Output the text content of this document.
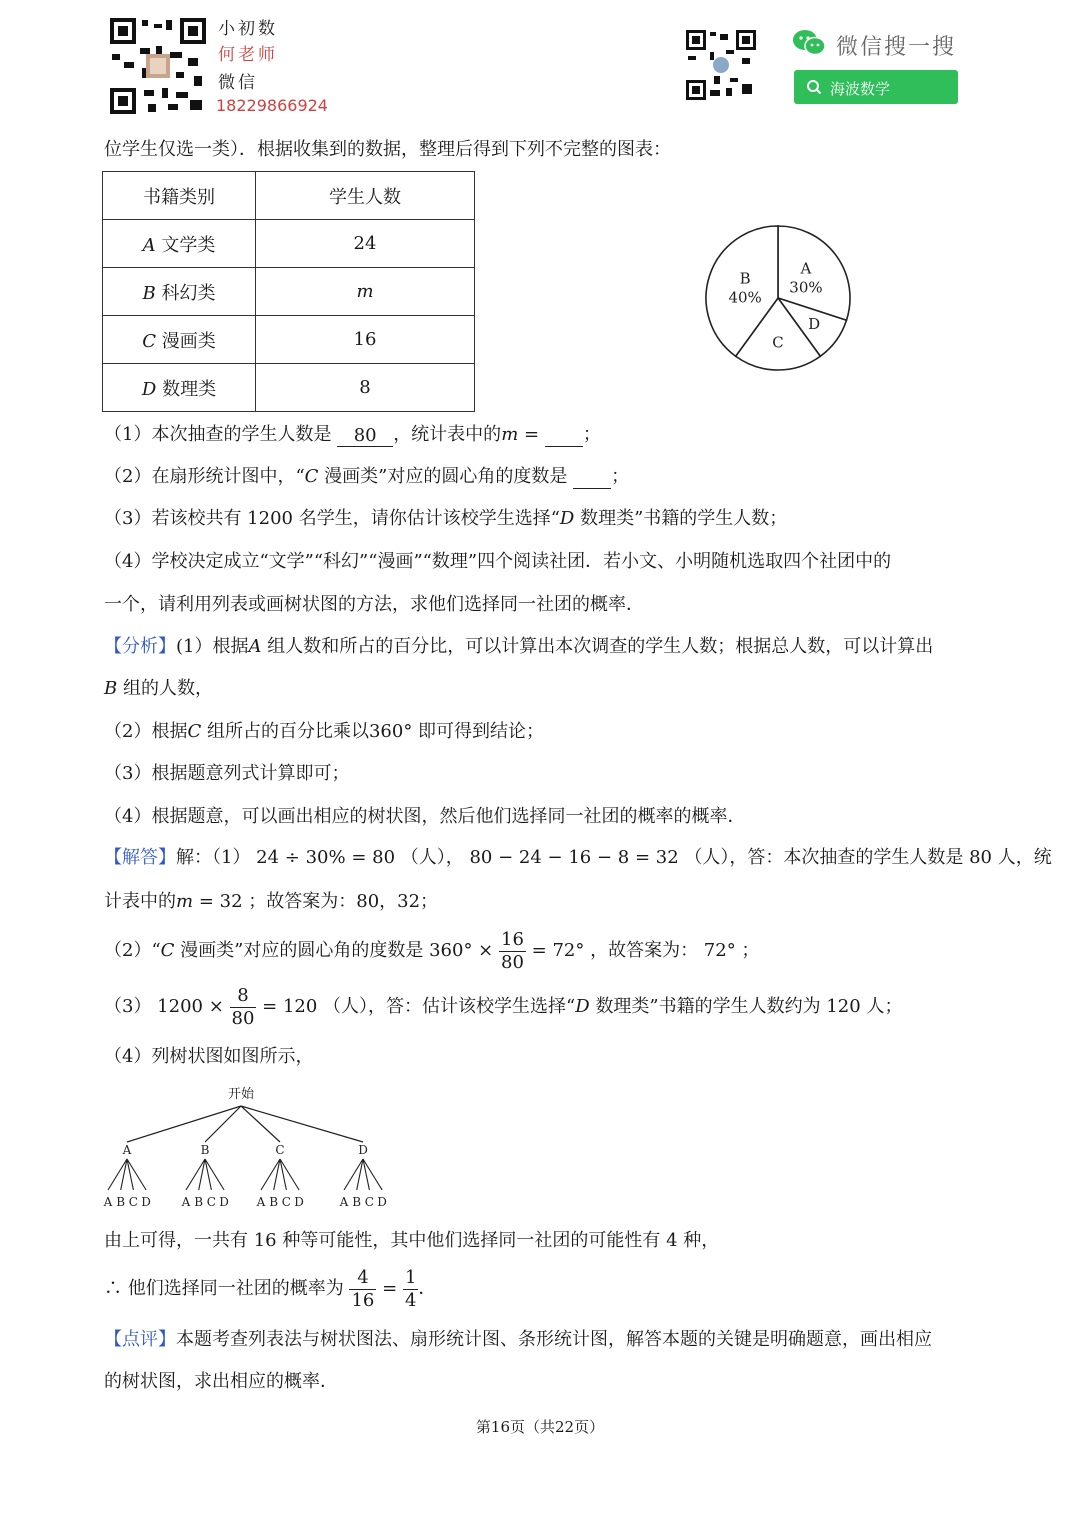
小初数
何老师
微信
18229866924
微信搜一搜
海波数学
位学生仅选一类）．根据收集到的数据，整理后得到下列不完整的图表：
书籍类别	学生人数
A 文学类	24
B 科幻类	m
C 漫画类	16
D 数理类	8
A
30%
D
C
B
40%
（1）本次抽查的学生人数是 80 ，统计表中的m = ；
（2）在扇形统计图中，“C 漫画类”对应的圆心角的度数是 ；
（3）若该校共有 1200 名学生，请你估计该校学生选择“D 数理类”书籍的学生人数；
（4）学校决定成立“文学”“科幻”“漫画”“数理”四个阅读社团．若小文、小明随机选取四个社团中的
一个，请利用列表或画树状图的方法，求他们选择同一社团的概率．
【分析】(1）根据A 组人数和所占的百分比，可以计算出本次调查的学生人数；根据总人数，可以计算出
B 组的人数，
（2）根据C 组所占的百分比乘以360° 即可得到结论；
（3）根据题意列式计算即可；
（4）根据题意，可以画出相应的树状图，然后他们选择同一社团的概率的概率．
【解答】解：（1） 24 ÷ 30% = 80 （人）， 80 − 24 − 16 − 8 = 32 （人），答：本次抽查的学生人数是 80 人，统
计表中的m = 32 ；故答案为：80，32；
（2）“C 漫画类”对应的圆心角的度数是 $360^\circ \times \frac{16}{80} = 72^\circ$ ，故答案为： 72° ；
（3） $1200 \times \frac{8}{80} = 120$ （人），答：估计该校学生选择“D 数理类”书籍的学生人数约为 120 人；
（4）列树状图如图所示，
开始
A
A B C D
B
A B C D
C
A B C D
D
A B C D
由上可得，一共有 16 种等可能性，其中他们选择同一社团的可能性有 4 种，
∴ 他们选择同一社团的概率为 $\frac{4}{16} = \frac{1}{4}$ ．
【点评】本题考查列表法与树状图法、扇形统计图、条形统计图，解答本题的关键是明确题意，画出相应
的树状图，求出相应的概率．
第16页（共22页）
